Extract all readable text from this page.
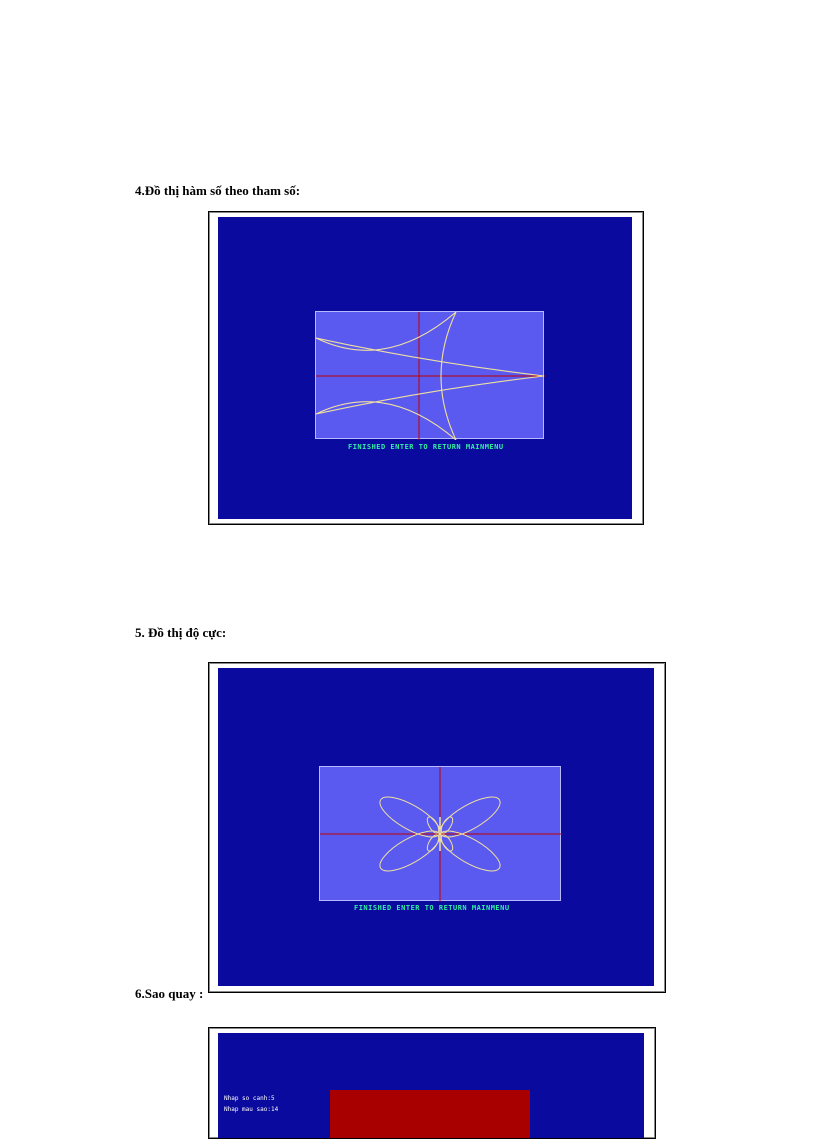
4.Đồ thị hàm số theo tham số:
FINISHED ENTER TO RETURN MAINMENU
5. Đồ thị độ cực:
FINISHED ENTER TO RETURN MAINMENU
6.Sao quay :
Nhap so canh:5
Nhap mau sao:14
